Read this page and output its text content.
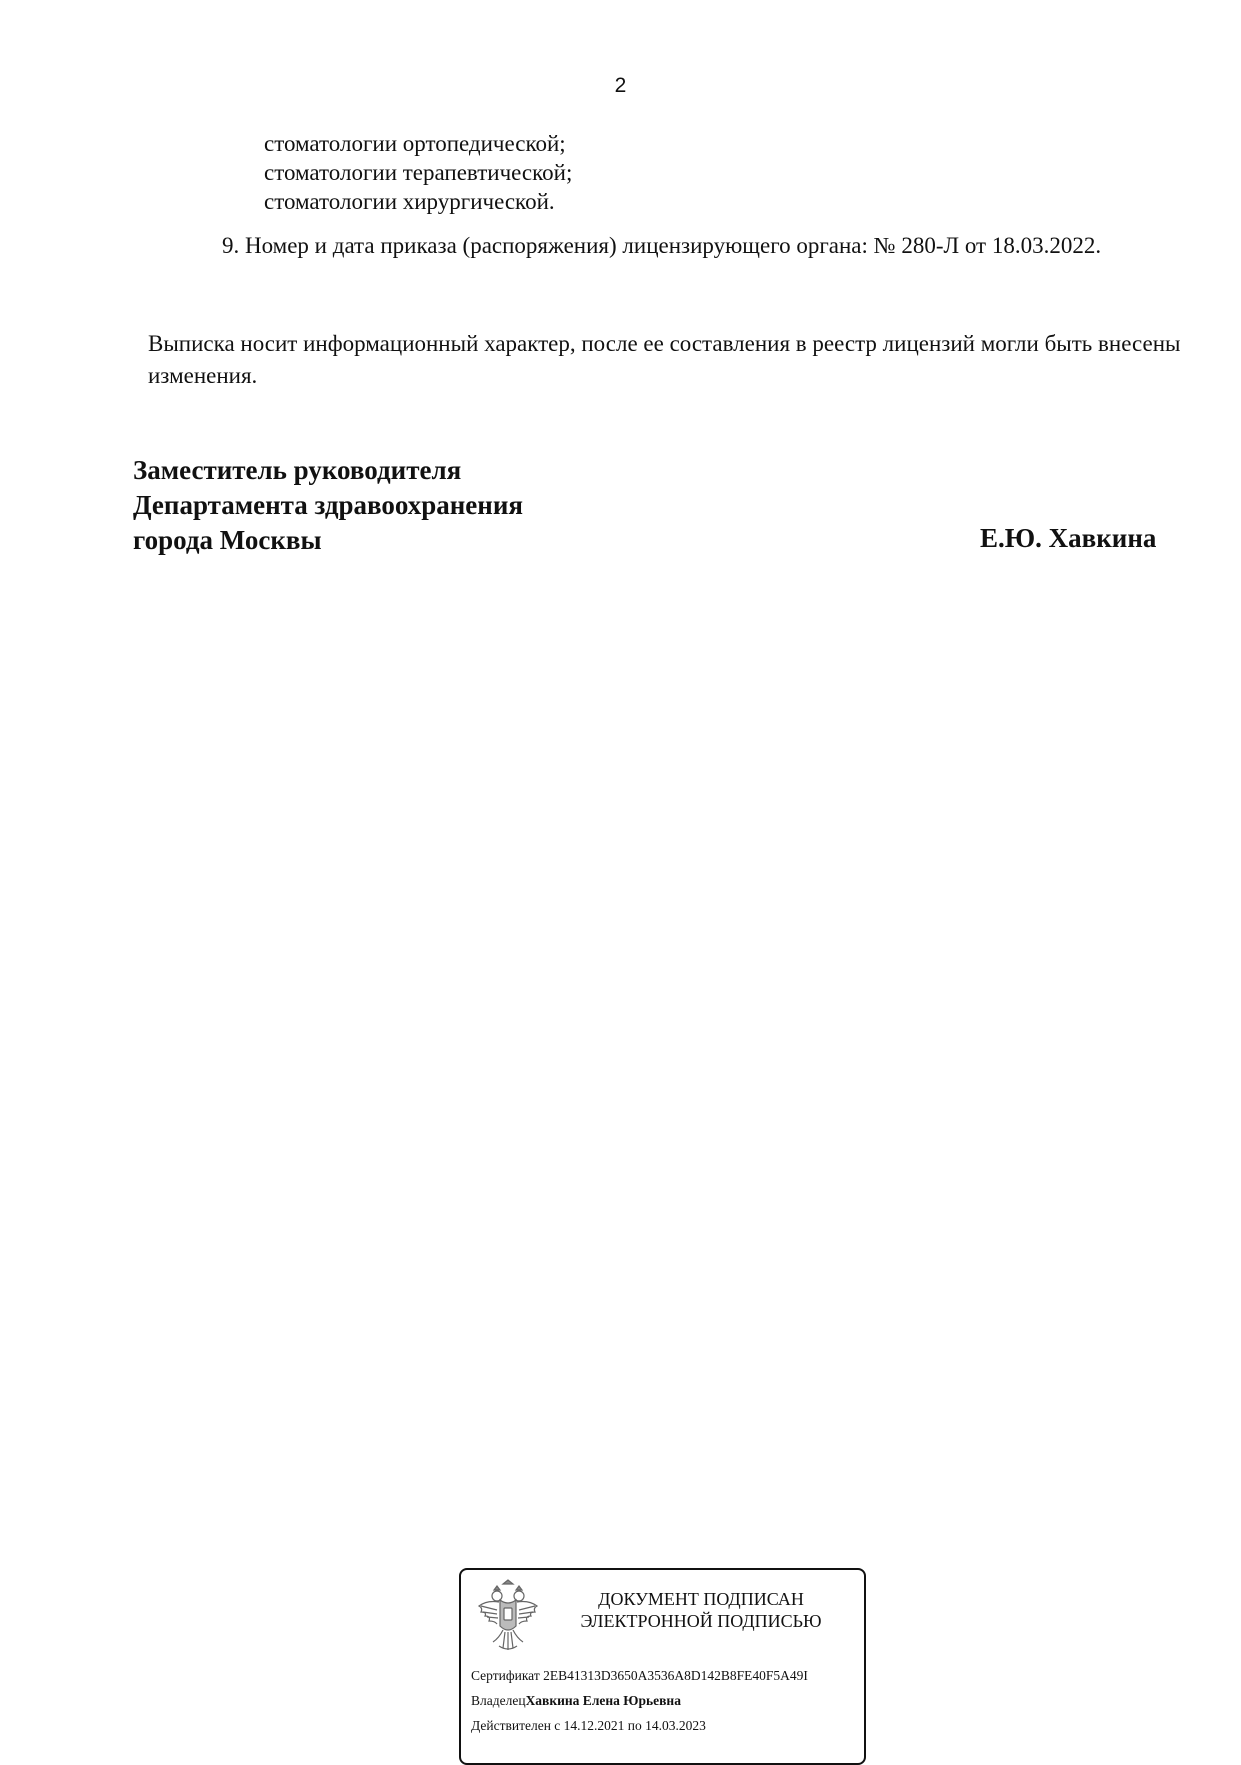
2
стоматологии ортопедической;
стоматологии терапевтической;
стоматологии хирургической.
9. Номер и дата приказа (распоряжения) лицензирующего органа: № 280-Л от 18.03.2022.
Выписка носит информационный характер, после ее составления в реестр лицензий могли быть внесены изменения.
Заместитель руководителя
Департамента здравоохранения
города Москвы	Е.Ю. Хавкина
ДОКУМЕНТ ПОДПИСАН
ЭЛЕКТРОННОЙ ПОДПИСЬЮ
Сертификат 2EB41313D3650A3536A8D142B8FE40F5A49I
ВладелецХавкина Елена Юрьевна
Действителен с 14.12.2021 по 14.03.2023
